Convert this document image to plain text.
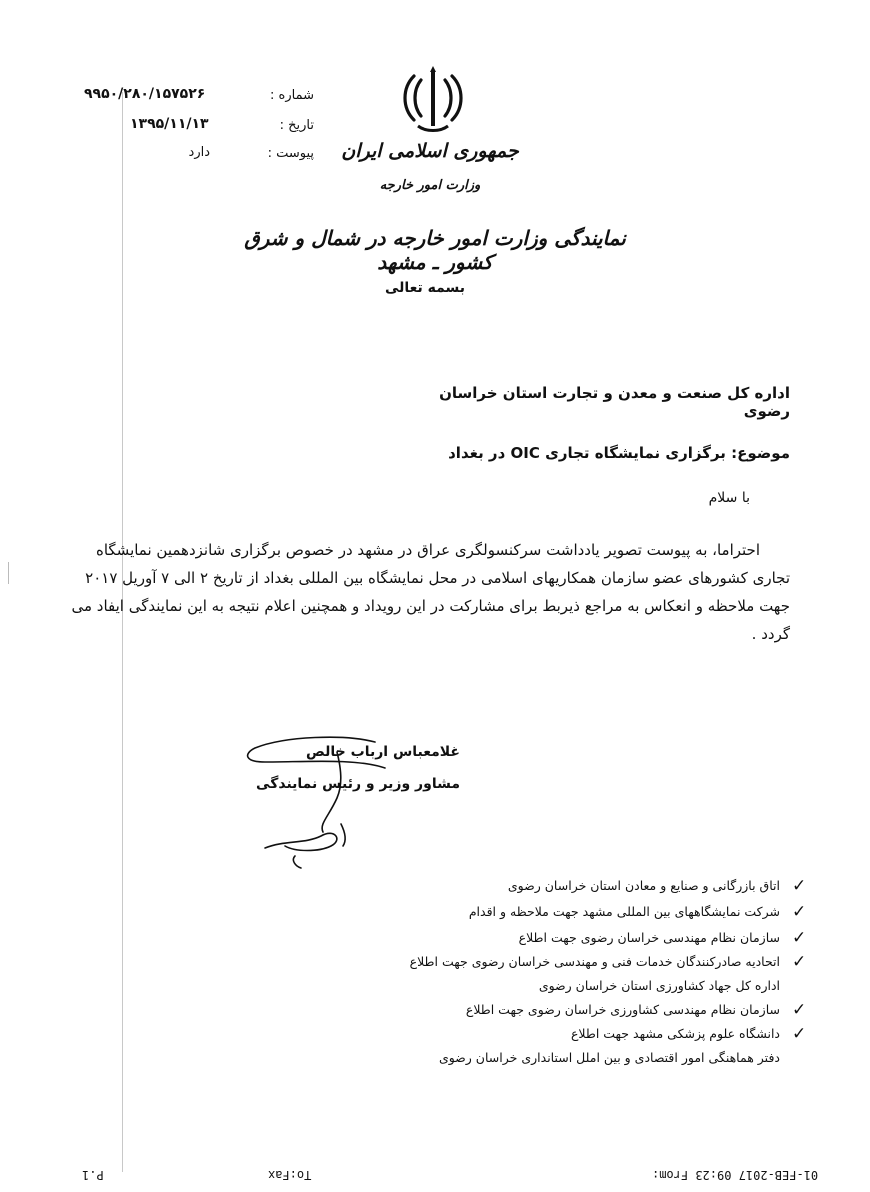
شماره :
۹۹۵۰/۲۸۰/۱۵۷۵۲۶
تاریخ :
۱۳۹۵/۱۱/۱۳
پیوست :
دارد	جمهوری اسلامی ایران
وزارت امور خارجه
نمایندگی وزارت امور خارجه در شمال و شرق کشور ـ مشهد
بسمه تعالی
اداره کل صنعت و معدن و تجارت استان خراسان رضوی
موضوع: برگزاری نمایشگاه تجاری OIC در بغداد
با سلام
احتراما، به پیوست تصویر یادداشت سرکنسولگری عراق در مشهد در خصوص برگزاری شانزدهمین نمایشگاه
تجاری کشورهای عضو سازمان همکاریهای اسلامی در محل نمایشگاه بین المللی بغداد از تاریخ ۲ الی ۷ آوریل ۲۰۱۷
جهت ملاحظه و انعکاس به مراجع ذیربط برای مشارکت در این رویداد و همچنین اعلام نتیجه به این نمایندگی ایفاد می
گردد .
غلامعباس ارباب خالص
مشاور وزیر و رئیس نمایندگی
اتاق بازرگانی و صنایع و معادن استان خراسان رضوی ✓
شرکت نمایشگاههای بین المللی مشهد جهت ملاحظه و اقدام ✓
سازمان نظام مهندسی خراسان رضوی جهت اطلاع ✓
اتحادیه صادرکنندگان خدمات فنی و مهندسی خراسان رضوی جهت اطلاع ✓
اداره کل جهاد کشاورزی استان خراسان رضوی
سازمان نظام مهندسی کشاورزی خراسان رضوی جهت اطلاع ✓
دانشگاه علوم پزشکی مشهد جهت اطلاع ✓
دفتر هماهنگی امور اقتصادی و بین املل استانداری خراسان رضوی
01-FEB-2017 09:23 From:
To:Fax
P.1
